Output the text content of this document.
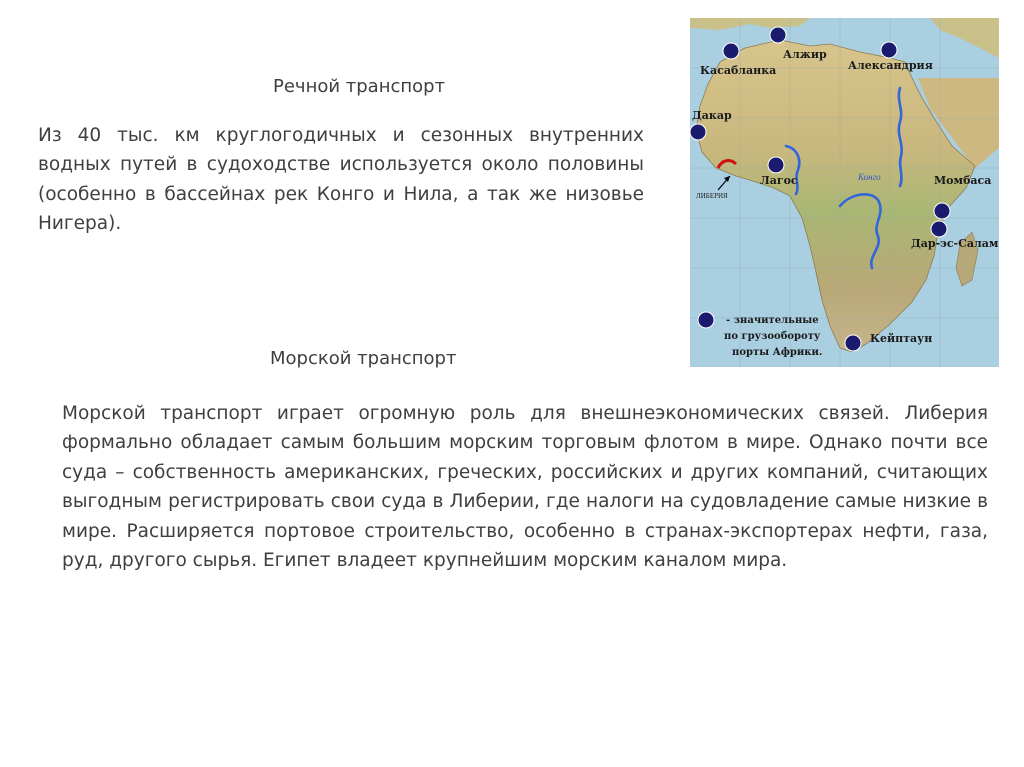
Речной транспорт
Из 40 тыс. км круглогодичных и сезонных внутренних водных путей в судоходстве используется около половины (особенно в бассейнах рек Конго и Нила, а так же низовье Нигера).
Морской транспорт
Морской транспорт играет огромную роль для внешнеэкономических связей. Либерия формально обладает самым большим морским торговым флотом в мире. Однако почти все суда – собственность американских, греческих, российских и других компаний, считающих выгодным регистрировать свои суда в Либерии, где налоги на судовладение самые низкие в мире. Расширяется портовое строительство, особенно в странах-экспортерах нефти, газа, руд, другого сырья. Египет владеет крупнейшим морским каналом мира.
Алжир
Касабланка	Александрия
Дакар
Лагос	Момбаса
Дар-эс-Салам
Кейптаун
ЛИБЕРИЯ
Конго
- значительные
по грузообороту
порты Африки.
